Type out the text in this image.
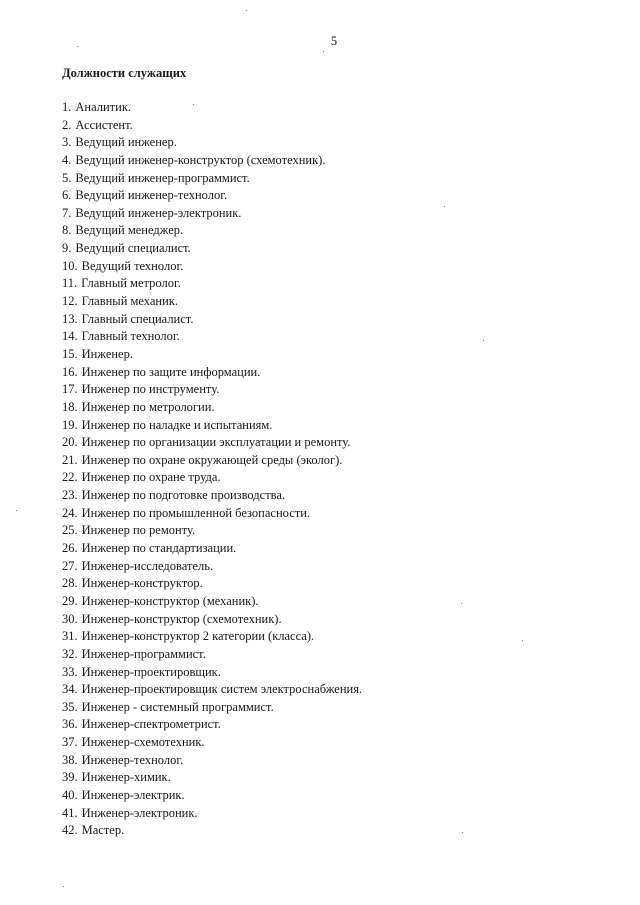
5
Должности служащих
1. Аналитик.
2. Ассистент.
3. Ведущий инженер.
4. Ведущий инженер-конструктор (схемотехник).
5. Ведущий инженер-программист.
6. Ведущий инженер-технолог.
7. Ведущий инженер-электроник.
8. Ведущий менеджер.
9. Ведущий специалист.
10. Ведущий технолог.
11. Главный метролог.
12. Главный механик.
13. Главный специалист.
14. Главный технолог.
15. Инженер.
16. Инженер по защите информации.
17. Инженер по инструменту.
18. Инженер по метрологии.
19. Инженер по наладке и испытаниям.
20. Инженер по организации эксплуатации и ремонту.
21. Инженер по охране окружающей среды (эколог).
22. Инженер по охране труда.
23. Инженер по подготовке производства.
24. Инженер по промышленной безопасности.
25. Инженер по ремонту.
26. Инженер по стандартизации.
27. Инженер-исследователь.
28. Инженер-конструктор.
29. Инженер-конструктор (механик).
30. Инженер-конструктор (схемотехник).
31. Инженер-конструктор 2 категории (класса).
32. Инженер-программист.
33. Инженер-проектировщик.
34. Инженер-проектировщик систем электроснабжения.
35. Инженер - системный программист.
36. Инженер-спектрометрист.
37. Инженер-схемотехник.
38. Инженер-технолог.
39. Инженер-химик.
40. Инженер-электрик.
41. Инженер-электроник.
42. Мастер.
